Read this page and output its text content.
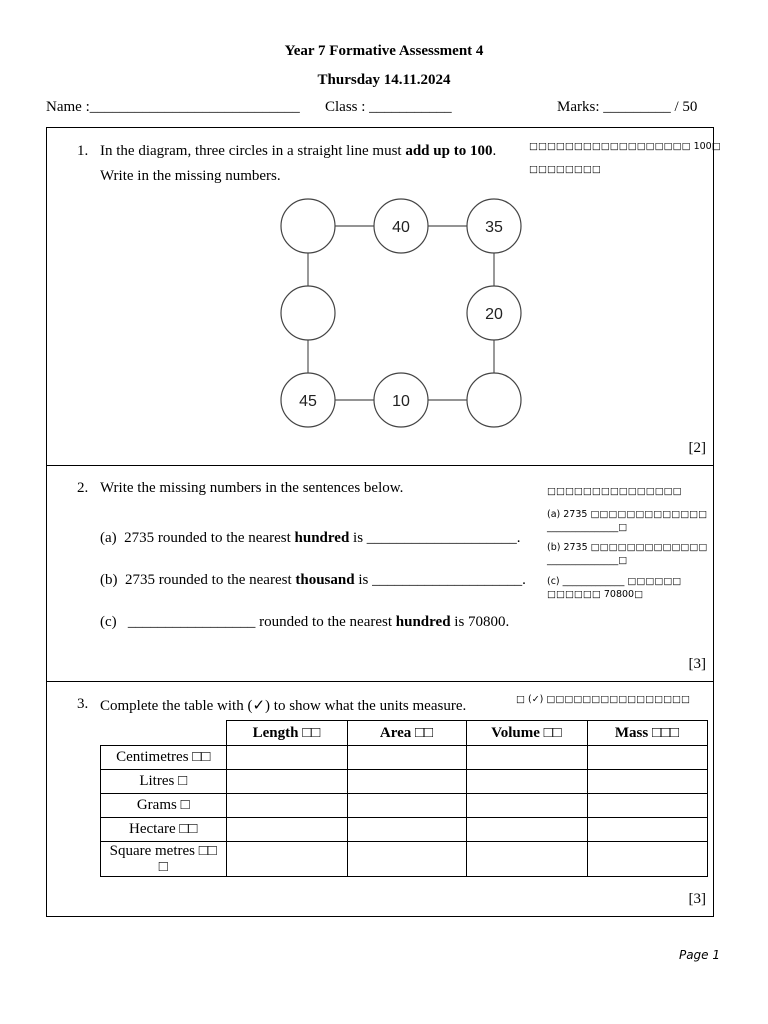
Year 7 Formative Assessment 4
Thursday 14.11.2024
Name :____________________________ Class : ___________	Marks: _________ / 50
1. In the diagram, three circles in a straight line must add up to 100.
Write in the missing numbers.
□□□□□□□□□□□□□□□□□□ 100□
□□□□□□□□
40	35
20
45	10
[2]
2. Write the missing numbers in the sentences below.
(a) 2735 rounded to the nearest hundred is ____________________.
(b) 2735 rounded to the nearest thousand is ____________________.
(c) _________________ rounded to the nearest hundred is 70800.
□□□□□□□□□□□□□□□
(a) 2735 □□□□□□□□□□□□□
_______________□
(b) 2735 □□□□□□□□□□□□□
_______________□
(c) _____________ □□□□□□
□□□□□□ 70800□
[3]
3. Complete the table with (✓) to show what the units measure.	□ (✓) □□□□□□□□□□□□□□□□
[3]
	Length □□	Area □□	Volume □□	Mass □□□
Centimetres □□				
Litres □				
Grams □				
Hectare □□				
Square metres □□ □				
Page 1
